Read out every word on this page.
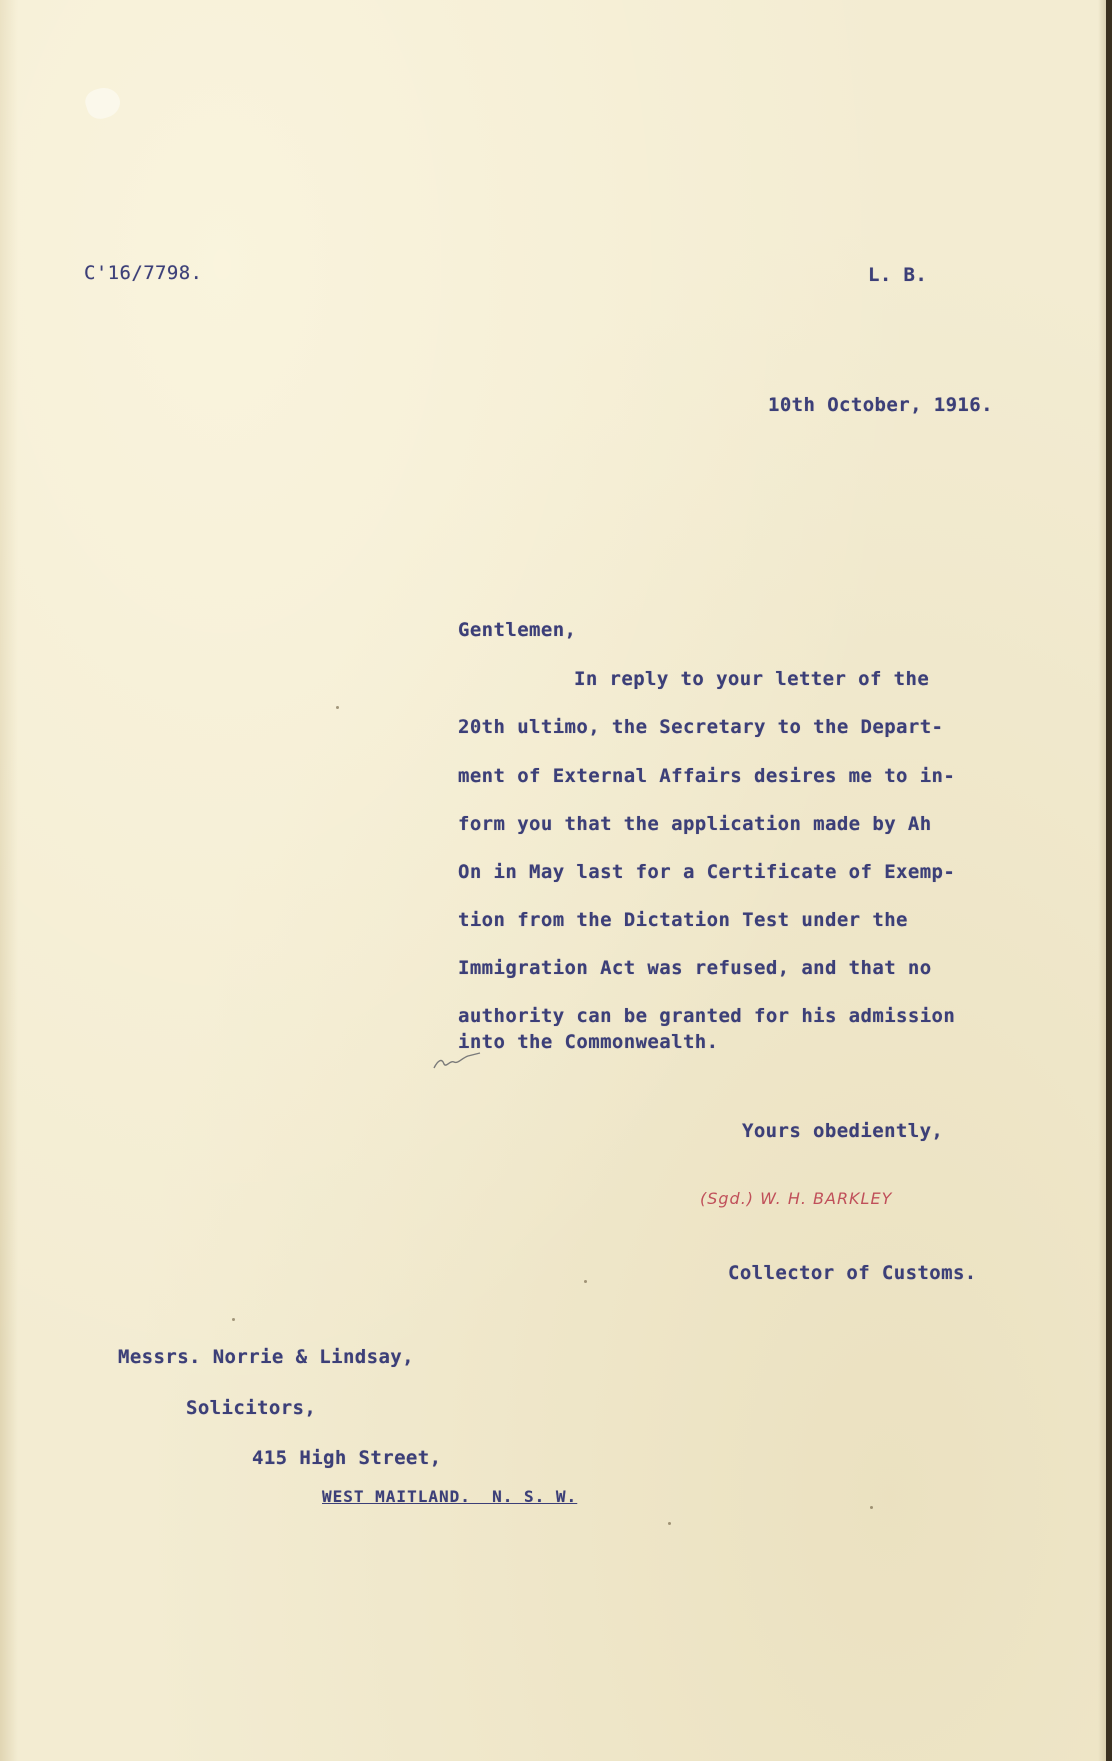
C'16/7798.	L. B.
10th October, 1916.
Gentlemen,
In reply to your letter of the
20th ultimo, the Secretary to the Depart-
ment of External Affairs desires me to in-
form you that the application made by Ah
On in May last for a Certificate of Exemp-
tion from the Dictation Test under the
Immigration Act was refused, and that no
authority can be granted for his admission
into the Commonwealth.
Yours obediently,
(Sgd.) W. H. BARKLEY
Collector of Customs.
Messrs. Norrie & Lindsay,
Solicitors,
415 High Street,
WEST MAITLAND.  N. S. W.
